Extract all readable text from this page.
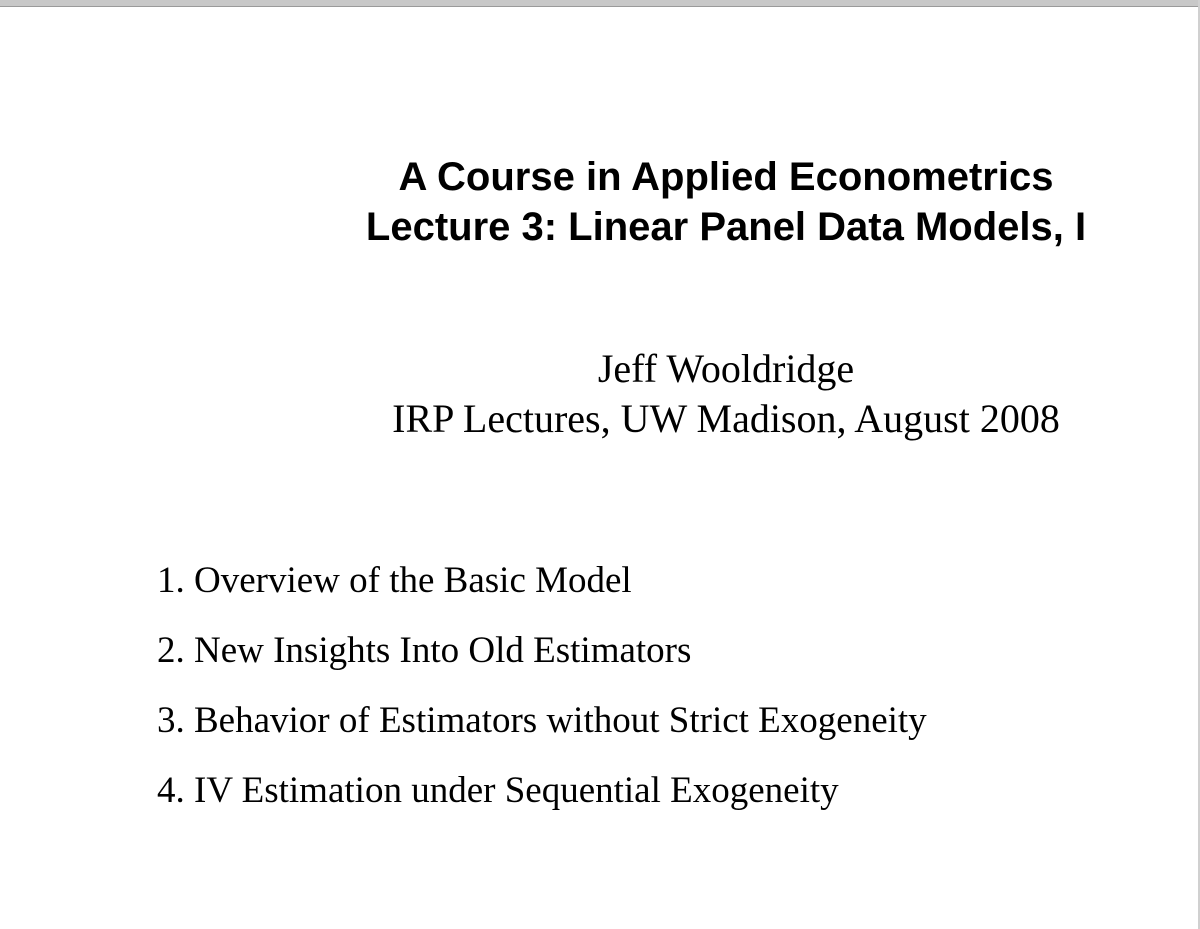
A Course in Applied Econometrics
Lecture 3: Linear Panel Data Models, I
Jeff Wooldridge
IRP Lectures, UW Madison, August 2008
1. Overview of the Basic Model
2. New Insights Into Old Estimators
3. Behavior of Estimators without Strict Exogeneity
4. IV Estimation under Sequential Exogeneity
